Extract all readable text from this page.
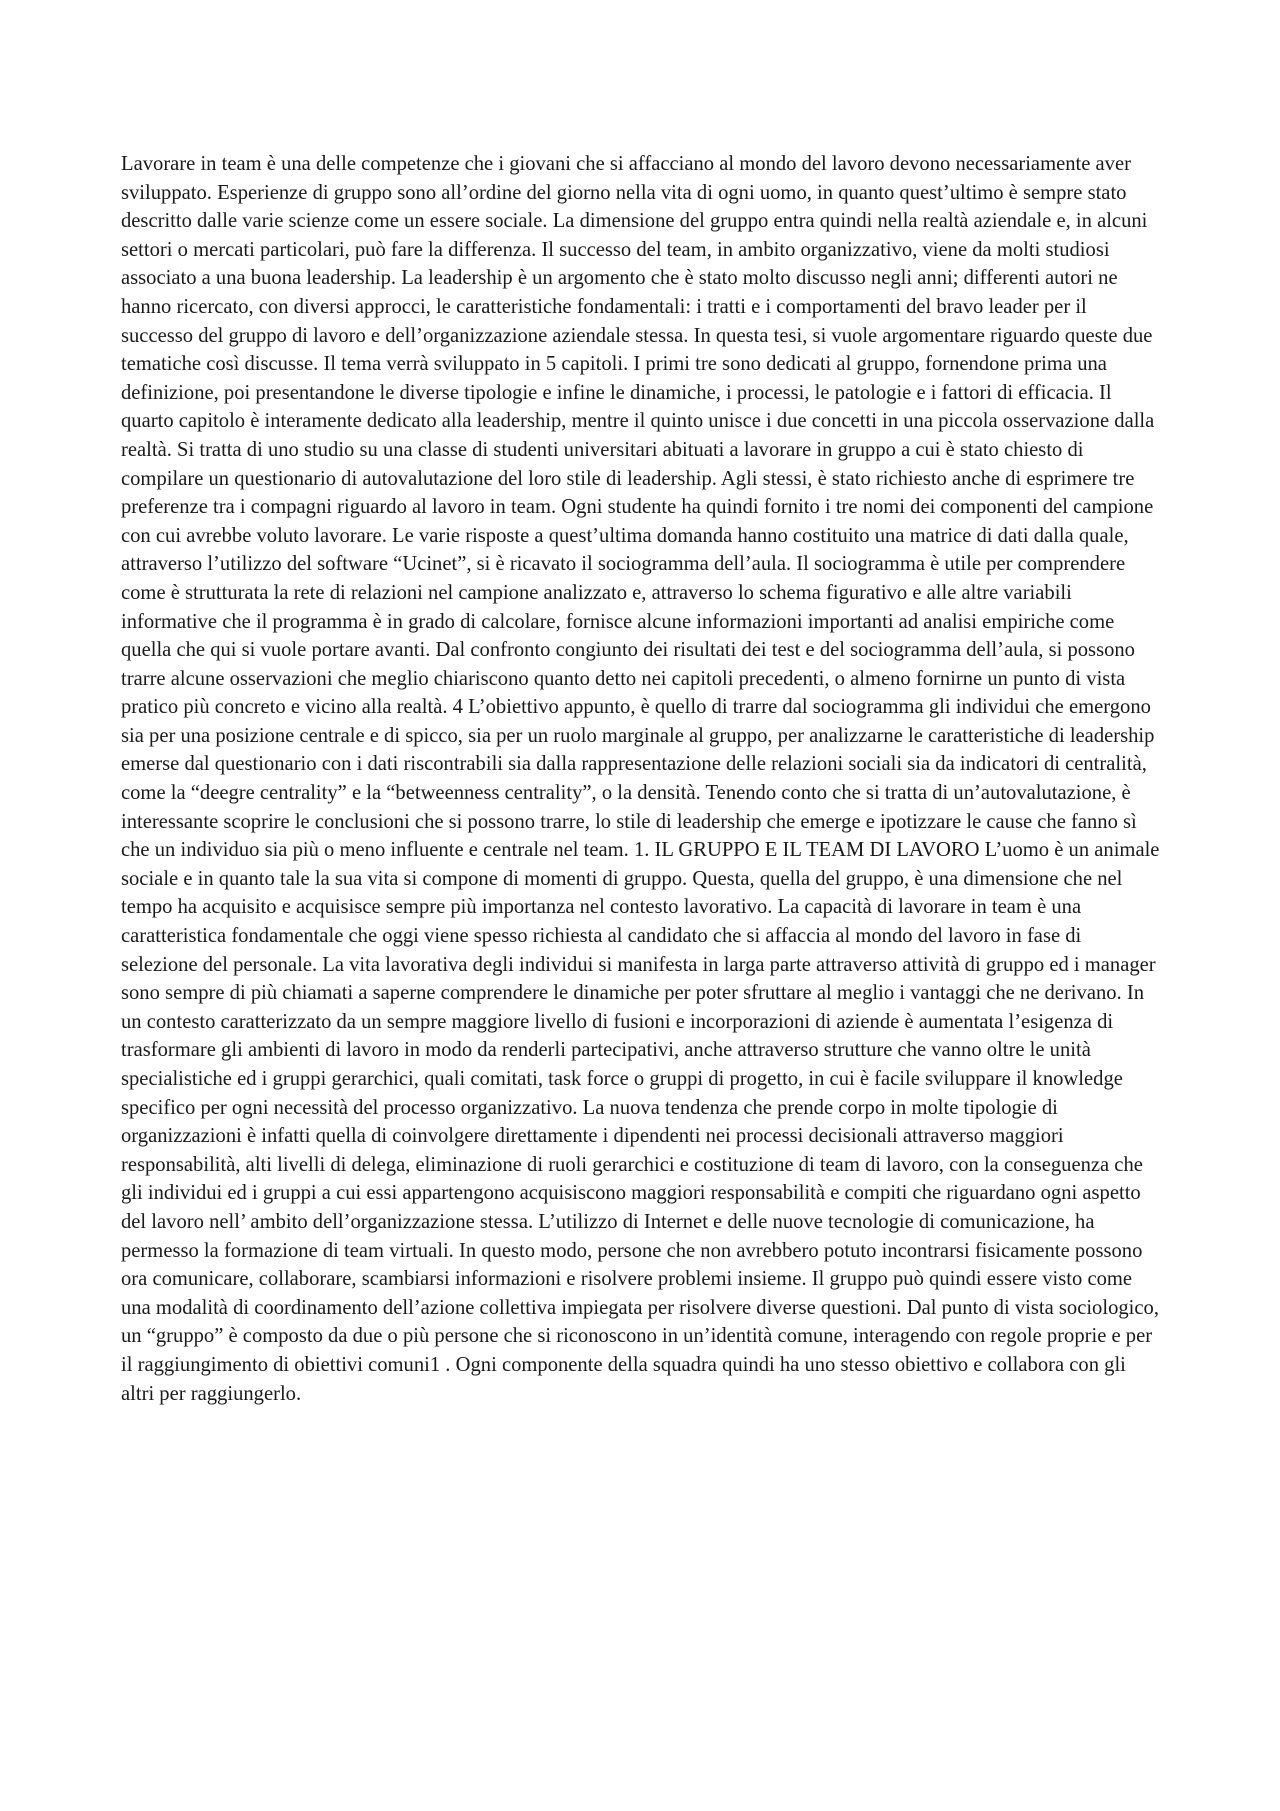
Lavorare in team è una delle competenze che i giovani che si affacciano al mondo del lavoro devono necessariamente aver sviluppato. Esperienze di gruppo sono all’ordine del giorno nella vita di ogni uomo, in quanto quest’ultimo è sempre stato descritto dalle varie scienze come un essere sociale. La dimensione del gruppo entra quindi nella realtà aziendale e, in alcuni settori o mercati particolari, può fare la differenza. Il successo del team, in ambito organizzativo, viene da molti studiosi associato a una buona leadership. La leadership è un argomento che è stato molto discusso negli anni; differenti autori ne hanno ricercato, con diversi approcci, le caratteristiche fondamentali: i tratti e i comportamenti del bravo leader per il successo del gruppo di lavoro e dell’organizzazione aziendale stessa. In questa tesi, si vuole argomentare riguardo queste due tematiche così discusse. Il tema verrà sviluppato in 5 capitoli. I primi tre sono dedicati al gruppo, fornendone prima una definizione, poi presentandone le diverse tipologie e infine le dinamiche, i processi, le patologie e i fattori di efficacia. Il quarto capitolo è interamente dedicato alla leadership, mentre il quinto unisce i due concetti in una piccola osservazione dalla realtà. Si tratta di uno studio su una classe di studenti universitari abituati a lavorare in gruppo a cui è stato chiesto di compilare un questionario di autovalutazione del loro stile di leadership. Agli stessi, è stato richiesto anche di esprimere tre preferenze tra i compagni riguardo al lavoro in team. Ogni studente ha quindi fornito i tre nomi dei componenti del campione con cui avrebbe voluto lavorare. Le varie risposte a quest’ultima domanda hanno costituito una matrice di dati dalla quale, attraverso l’utilizzo del software “Ucinet”, si è ricavato il sociogramma dell’aula. Il sociogramma è utile per comprendere come è strutturata la rete di relazioni nel campione analizzato e, attraverso lo schema figurativo e alle altre variabili informative che il programma è in grado di calcolare, fornisce alcune informazioni importanti ad analisi empiriche come quella che qui si vuole portare avanti. Dal confronto congiunto dei risultati dei test e del sociogramma dell’aula, si possono trarre alcune osservazioni che meglio chiariscono quanto detto nei capitoli precedenti, o almeno fornirne un punto di vista pratico più concreto e vicino alla realtà. 4 L’obiettivo appunto, è quello di trarre dal sociogramma gli individui che emergono sia per una posizione centrale e di spicco, sia per un ruolo marginale al gruppo, per analizzarne le caratteristiche di leadership emerse dal questionario con i dati riscontrabili sia dalla rappresentazione delle relazioni sociali sia da indicatori di centralità, come la “deegre centrality” e la “betweenness centrality”, o la densità. Tenendo conto che si tratta di un’autovalutazione, è interessante scoprire le conclusioni che si possono trarre, lo stile di leadership che emerge e ipotizzare le cause che fanno sì che un individuo sia più o meno influente e centrale nel team. 1. IL GRUPPO E IL TEAM DI LAVORO L’uomo è un animale sociale e in quanto tale la sua vita si compone di momenti di gruppo. Questa, quella del gruppo, è una dimensione che nel tempo ha acquisito e acquisisce sempre più importanza nel contesto lavorativo. La capacità di lavorare in team è una caratteristica fondamentale che oggi viene spesso richiesta al candidato che si affaccia al mondo del lavoro in fase di selezione del personale. La vita lavorativa degli individui si manifesta in larga parte attraverso attività di gruppo ed i manager sono sempre di più chiamati a saperne comprendere le dinamiche per poter sfruttare al meglio i vantaggi che ne derivano. In un contesto caratterizzato da un sempre maggiore livello di fusioni e incorporazioni di aziende è aumentata l’esigenza di trasformare gli ambienti di lavoro in modo da renderli partecipativi, anche attraverso strutture che vanno oltre le unità specialistiche ed i gruppi gerarchici, quali comitati, task force o gruppi di progetto, in cui è facile sviluppare il knowledge specifico per ogni necessità del processo organizzativo. La nuova tendenza che prende corpo in molte tipologie di organizzazioni è infatti quella di coinvolgere direttamente i dipendenti nei processi decisionali attraverso maggiori responsabilità, alti livelli di delega, eliminazione di ruoli gerarchici e costituzione di team di lavoro, con la conseguenza che gli individui ed i gruppi a cui essi appartengono acquisiscono maggiori responsabilità e compiti che riguardano ogni aspetto del lavoro nell’ ambito dell’organizzazione stessa. L’utilizzo di Internet e delle nuove tecnologie di comunicazione, ha permesso la formazione di team virtuali. In questo modo, persone che non avrebbero potuto incontrarsi fisicamente possono ora comunicare, collaborare, scambiarsi informazioni e risolvere problemi insieme. Il gruppo può quindi essere visto come una modalità di coordinamento dell’azione collettiva impiegata per risolvere diverse questioni. Dal punto di vista sociologico, un “gruppo” è composto da due o più persone che si riconoscono in un’identità comune, interagendo con regole proprie e per il raggiungimento di obiettivi comuni1 . Ogni componente della squadra quindi ha uno stesso obiettivo e collabora con gli altri per raggiungerlo.
